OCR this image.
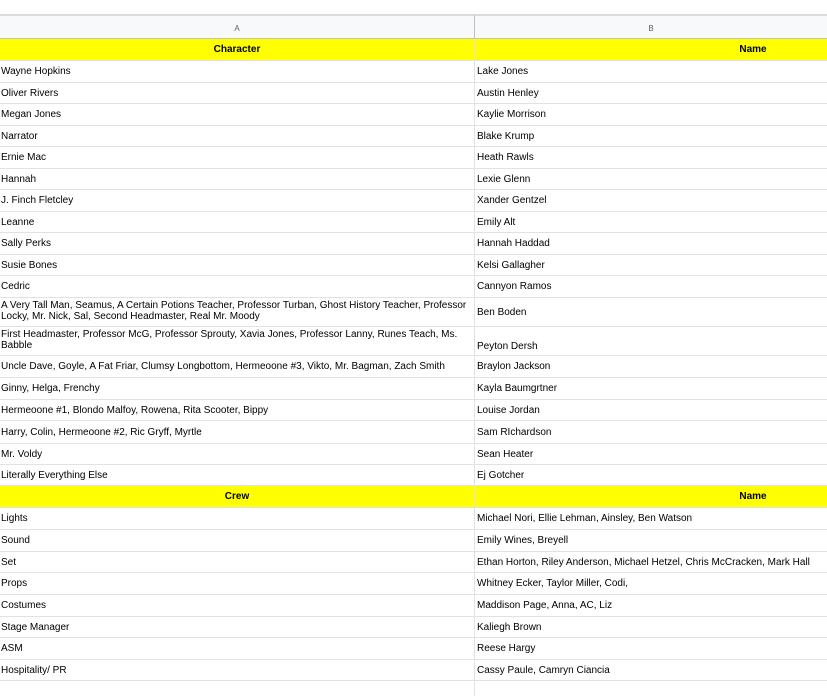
A	B
Character	Name
Wayne Hopkins	Lake Jones
Oliver Rivers	Austin Henley
Megan Jones	Kaylie Morrison
Narrator	Blake Krump
Ernie Mac	Heath Rawls
Hannah	Lexie Glenn
J. Finch Fletcley	Xander Gentzel
Leanne	Emily Alt
Sally Perks	Hannah Haddad
Susie Bones	Kelsi Gallagher
Cedric	Cannyon Ramos
A Very Tall Man, Seamus, A Certain Potions Teacher, Professor Turban, Ghost History Teacher, Professor Locky, Mr. Nick, Sal, Second Headmaster, Real Mr. Moody	Ben Boden
First Headmaster, Professor McG, Professor Sprouty, Xavia Jones, Professor Lanny, Runes Teach, Ms. Babble	Peyton Dersh
Uncle Dave, Goyle, A Fat Friar, Clumsy Longbottom, Hermeoone #3, Vikto, Mr. Bagman, Zach Smith	Braylon Jackson
Ginny, Helga, Frenchy	Kayla Baumgrtner
Hermeoone #1, Blondo Malfoy, Rowena, Rita Scooter, Bippy	Louise Jordan
Harry, Colin, Hermeoone #2, Ric Gryff, Myrtle	Sam RIchardson
Mr. Voldy	Sean Heater
Literally Everything Else	Ej Gotcher
Crew	Name
Lights	Michael Nori, Ellie Lehman, Ainsley, Ben Watson
Sound	Emily Wines, Breyell
Set	Ethan Horton, Riley Anderson, Michael Hetzel, Chris McCracken, Mark Hall
Props	Whitney Ecker, Taylor Miller, Codi,
Costumes	Maddison Page, Anna, AC, Liz
Stage Manager	Kaliegh Brown
ASM	Reese Hargy
Hospitality/ PR	Cassy Paule, Camryn Ciancia
